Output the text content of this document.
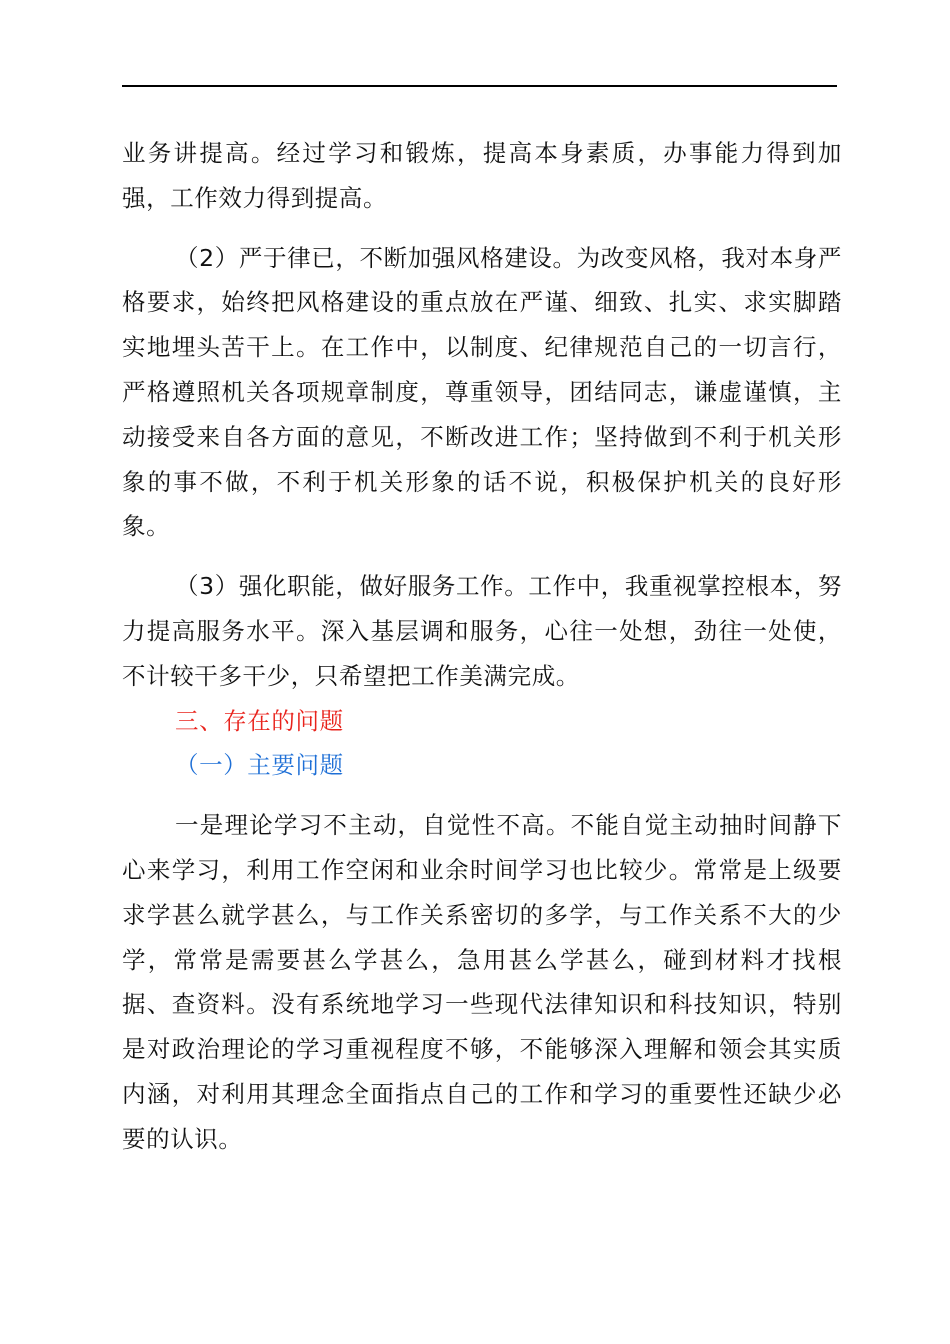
业务讲提高。经过学习和锻炼，提高本身素质，办事能力得到加强，工作效力得到提高。

（2）严于律已，不断加强风格建设。为改变风格，我对本身严格要求，始终把风格建设的重点放在严谨、细致、扎实、求实脚踏实地埋头苦干上。在工作中，以制度、纪律规范自己的一切言行，严格遵照机关各项规章制度，尊重领导，团结同志，谦虚谨慎，主动接受来自各方面的意见，不断改进工作；坚持做到不利于机关形象的事不做，不利于机关形象的话不说，积极保护机关的良好形象。

（3）强化职能，做好服务工作。工作中，我重视掌控根本，努力提高服务水平。深入基层调和服务，心往一处想，劲往一处使，不计较干多干少，只希望把工作美满完成。

三、存在的问题

（一）主要问题

一是理论学习不主动，自觉性不高。不能自觉主动抽时间静下心来学习，利用工作空闲和业余时间学习也比较少。常常是上级要求学甚么就学甚么，与工作关系密切的多学，与工作关系不大的少学，常常是需要甚么学甚么，急用甚么学甚么，碰到材料才找根据、查资料。没有系统地学习一些现代法律知识和科技知识，特别是对政治理论的学习重视程度不够，不能够深入理解和领会其实质内涵，对利用其理念全面指点自己的工作和学习的重要性还缺少必要的认识。
